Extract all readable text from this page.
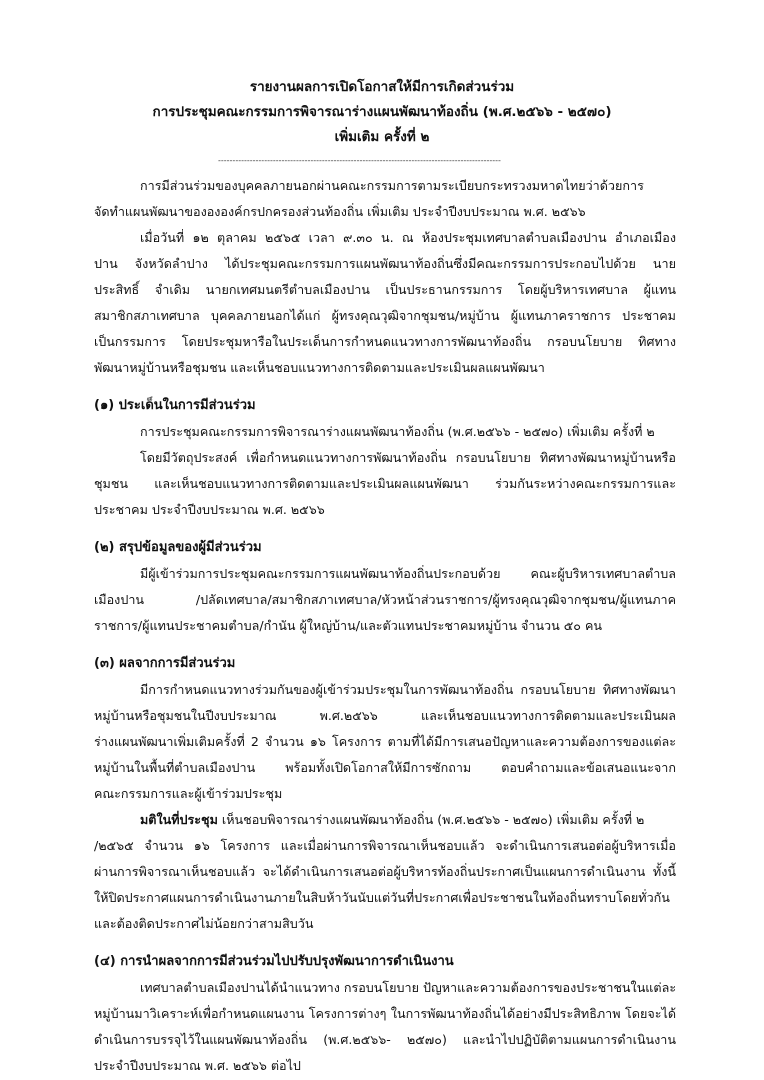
รายงานผลการเปิดโอกาสให้มีการเกิดส่วนร่วม

การประชุมคณะกรรมการพิจารณาร่างแผนพัฒนาท้องถิ่น (พ.ศ.๒๕๖๖ - ๒๕๗๐)

เพิ่มเติม ครั้งที่ ๒

--------------------------------------------------------------------------------------------------

การมีส่วนร่วมของบุคคลภายนอกผ่านคณะกรรมการตามระเบียบกระทรวงมหาดไทยว่าด้วยการ

จัดทำแผนพัฒนาของององค์กรปกครองส่วนท้องถิ่น เพิ่มเติม ประจำปีงบประมาณ พ.ศ. ๒๕๖๖

เมื่อวันที่ ๑๒ ตุลาคม ๒๕๖๕ เวลา ๙.๓๐ น. ณ ห้องประชุมเทศบาลตำบลเมืองปาน อำเภอเมือง

ปาน จังหวัดลำปาง ได้ประชุมคณะกรรมการแผนพัฒนาท้องถิ่นซึ่งมีคณะกรรมการประกอบไปด้วย นาย

ประสิทธิ์ จำเดิม นายกเทศมนตรีตำบลเมืองปาน เป็นประธานกรรมการ โดยผู้บริหารเทศบาล ผู้แทน

สมาชิกสภาเทศบาล บุคคลภายนอกได้แก่ ผู้ทรงคุณวุฒิจากชุมชน/หมู่บ้าน ผู้แทนภาคราชการ ประชาคม

เป็นกรรมการ โดยประชุมหารือในประเด็นการกำหนดแนวทางการพัฒนาท้องถิ่น กรอบนโยบาย ทิศทาง

พัฒนาหมู่บ้านหรือชุมชน และเห็นชอบแนวทางการติดตามและประเมินผลแผนพัฒนา

(๑) ประเด็นในการมีส่วนร่วม

การประชุมคณะกรรมการพิจารณาร่างแผนพัฒนาท้องถิ่น (พ.ศ.๒๕๖๖ - ๒๕๗๐) เพิ่มเติม ครั้งที่ ๒

โดยมีวัตถุประสงค์ เพื่อกำหนดแนวทางการพัฒนาท้องถิ่น กรอบนโยบาย ทิศทางพัฒนาหมู่บ้านหรือ

ชุมชน และเห็นชอบแนวทางการติดตามและประเมินผลแผนพัฒนา ร่วมกันระหว่างคณะกรรมการและ

ประชาคม ประจำปีงบประมาณ พ.ศ. ๒๕๖๖

(๒) สรุปข้อมูลของผู้มีส่วนร่วม

มีผู้เข้าร่วมการประชุมคณะกรรมการแผนพัฒนาท้องถิ่นประกอบด้วย คณะผู้บริหารเทศบาลตำบล

เมืองปาน /ปลัดเทศบาล/สมาชิกสภาเทศบาล/หัวหน้าส่วนราชการ/ผู้ทรงคุณวุฒิจากชุมชน/ผู้แทนภาค

ราชการ/ผู้แทนประชาคมตำบล/กำนัน ผู้ใหญ่บ้าน/และตัวแทนประชาคมหมู่บ้าน จำนวน ๕๐ คน

(๓) ผลจากการมีส่วนร่วม

มีการกำหนดแนวทางร่วมกันของผู้เข้าร่วมประชุมในการพัฒนาท้องถิ่น กรอบนโยบาย ทิศทางพัฒนา

หมู่บ้านหรือชุมชนในปีงบประมาณ พ.ศ.๒๕๖๖ และเห็นชอบแนวทางการติดตามและประเมินผล

ร่างแผนพัฒนาเพิ่มเติมครั้งที่ 2 จำนวน ๑๖ โครงการ ตามที่ได้มีการเสนอปัญหาและความต้องการของแต่ละ

หมู่บ้านในพื้นที่ตำบลเมืองปาน พร้อมทั้งเปิดโอกาสให้มีการซักถาม ตอบคำถามและข้อเสนอแนะจาก

คณะกรรมการและผู้เข้าร่วมประชุม

มติในที่ประชุม เห็นชอบพิจารณาร่างแผนพัฒนาท้องถิ่น (พ.ศ.๒๕๖๖ - ๒๕๗๐) เพิ่มเติม ครั้งที่ ๒

/๒๕๖๕ จำนวน ๑๖ โครงการ และเมื่อผ่านการพิจารณาเห็นชอบแล้ว จะดำเนินการเสนอต่อผู้บริหารเมื่อ

ผ่านการพิจารณาเห็นชอบแล้ว จะได้ดำเนินการเสนอต่อผู้บริหารท้องถิ่นประกาศเป็นแผนการดำเนินงาน ทั้งนี้

ให้ปิดประกาศแผนการดำเนินงานภายในสิบห้าวันนับแต่วันที่ประกาศเพื่อประชาชนในท้องถิ่นทราบโดยทั่วกัน

และต้องติดประกาศไม่น้อยกว่าสามสิบวัน

(๔) การนำผลจากการมีส่วนร่วมไปปรับปรุงพัฒนาการดำเนินงาน

เทศบาลตำบลเมืองปานได้นำแนวทาง กรอบนโยบาย ปัญหาและความต้องการของประชาชนในแต่ละ

หมู่บ้านมาวิเคราะห์เพื่อกำหนดแผนงาน โครงการต่างๆ ในการพัฒนาท้องถิ่นได้อย่างมีประสิทธิภาพ โดยจะได้

ดำเนินการบรรจุไว้ในแผนพัฒนาท้องถิ่น (พ.ศ.๒๕๖๖- ๒๕๗๐) และนำไปปฏิบัติตามแผนการดำเนินงาน

ประจำปีงบประมาณ พ.ศ. ๒๕๖๖ ต่อไป
